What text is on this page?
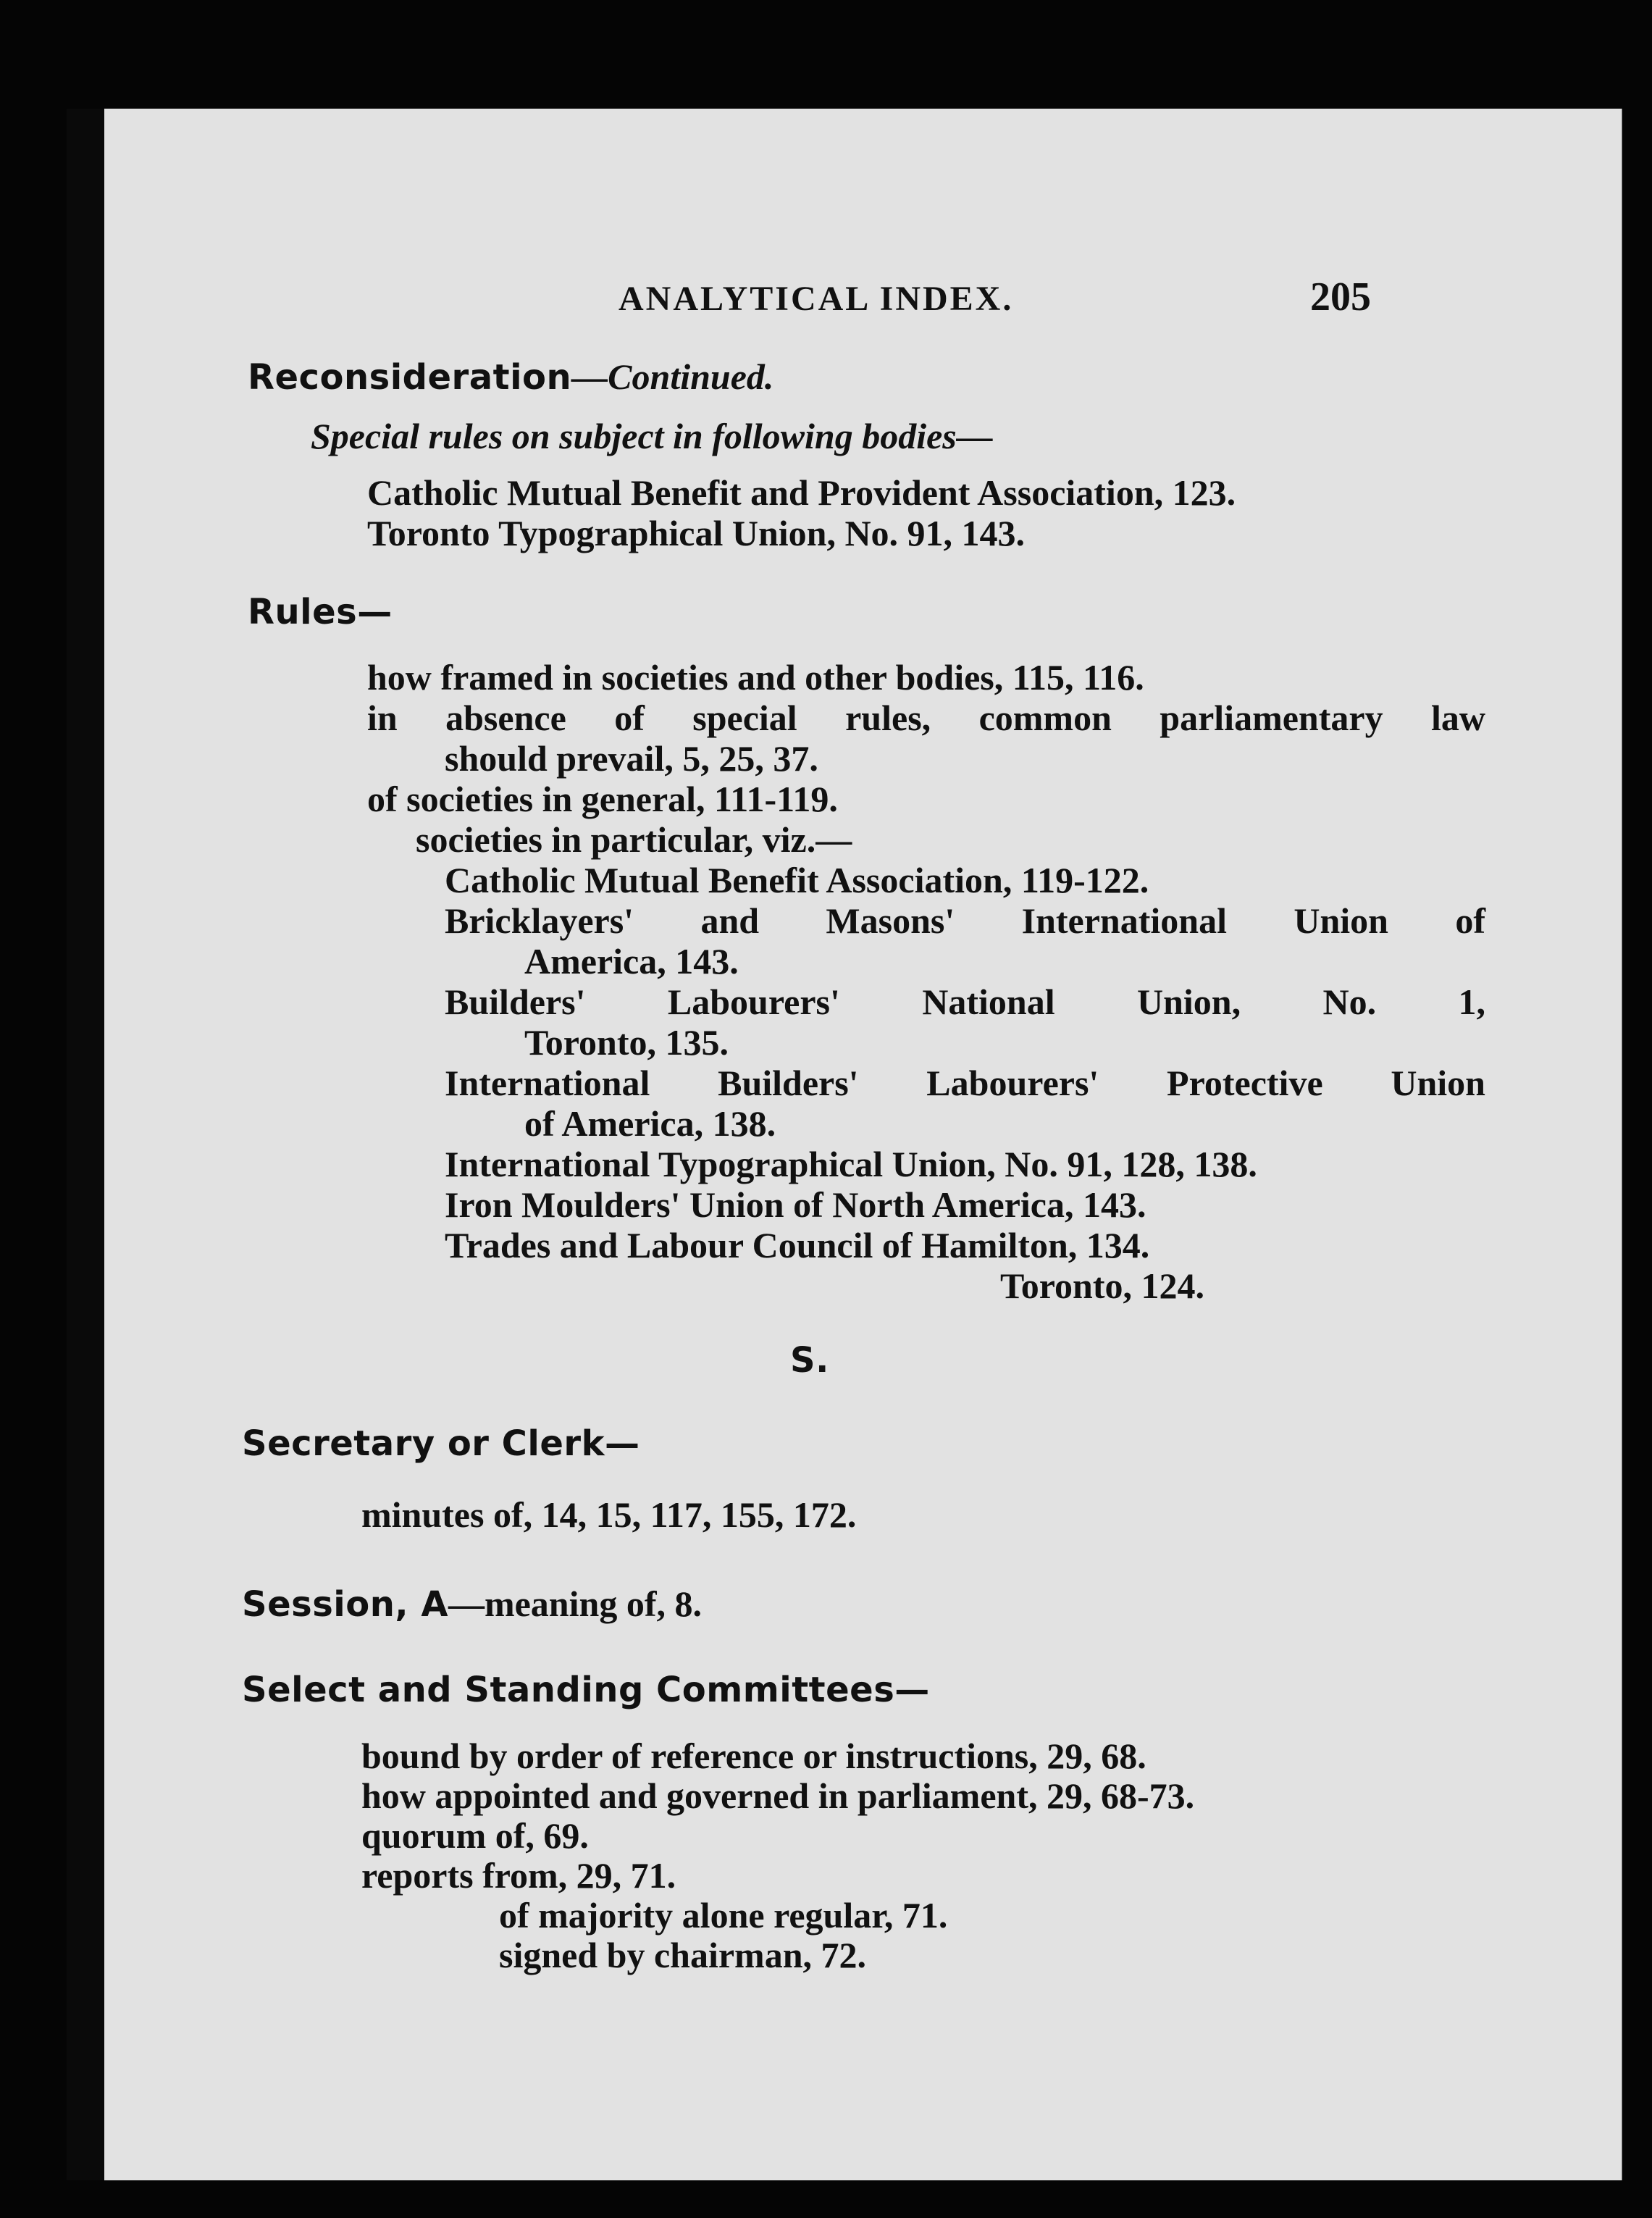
ANALYTICAL INDEX.	205
Reconsideration—Continued.
Special rules on subject in following bodies—
Catholic Mutual Benefit and Provident Association, 123.
Toronto Typographical Union, No. 91, 143.
Rules—
how framed in societies and other bodies, 115, 116.
in absence of special rules, common parliamentary law
should prevail, 5, 25, 37.
of societies in general, 111-119.
societies in particular, viz.—
Catholic Mutual Benefit Association, 119-122.
Bricklayers' and Masons' International Union of
America, 143.
Builders' Labourers' National Union, No. 1,
Toronto, 135.
International Builders' Labourers' Protective Union
of America, 138.
International Typographical Union, No. 91, 128, 138.
Iron Moulders' Union of North America, 143.
Trades and Labour Council of Hamilton, 134.
Toronto, 124.
S.
Secretary or Clerk—
minutes of, 14, 15, 117, 155, 172.
Session, A—meaning of, 8.
Select and Standing Committees—
bound by order of reference or instructions, 29, 68.
how appointed and governed in parliament, 29, 68-73.
quorum of, 69.
reports from, 29, 71.
of majority alone regular, 71.
signed by chairman, 72.
